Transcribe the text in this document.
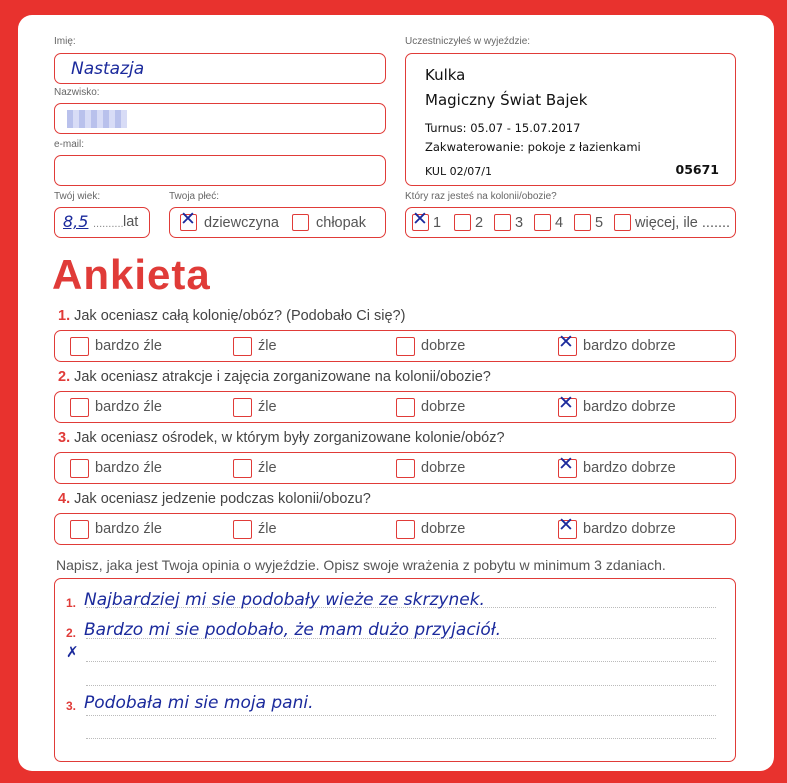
Imię:
Nastazja
Nazwisko:
e-mail:
Twój wiek:
8,5 .......... lat
Twoja płeć:
✕
dziewczyna	chłopak
Uczestniczyłeś w wyjeździe:
Kulka
Magiczny Świat Bajek
Turnus: 05.07 - 15.07.2017
Zakwaterowanie: pokoje z łazienkami
KUL 02/07/1	05671
Który raz jesteś na kolonii/obozie?
✕
1 2 3 4 5 więcej, ile .......
Ankieta
1. Jak oceniasz całą kolonię/obóz? (Podobało Ci się?)
2. Jak oceniasz atrakcje i zajęcia zorganizowane na kolonii/obozie?
3. Jak oceniasz ośrodek, w którym były zorganizowane kolonie/obóz?
4. Jak oceniasz jedzenie podczas kolonii/obozu?
Napisz, jaka jest Twoja opinia o wyjeździe. Opisz swoje wrażenia z pobytu w minimum 3 zdaniach.
1. Najbardziej mi sie podobały wieże ze skrzynek.
2. Bardzo mi sie podobało, że mam dużo przyjaciół.
3. Podobała mi sie moja pani.
✗
bardzo źle	źle	dobrze ✕	bardzo dobrze
bardzo źle	źle	dobrze ✕	bardzo dobrze
bardzo źle	źle	dobrze ✕	bardzo dobrze
bardzo źle	źle	dobrze ✕	bardzo dobrze
